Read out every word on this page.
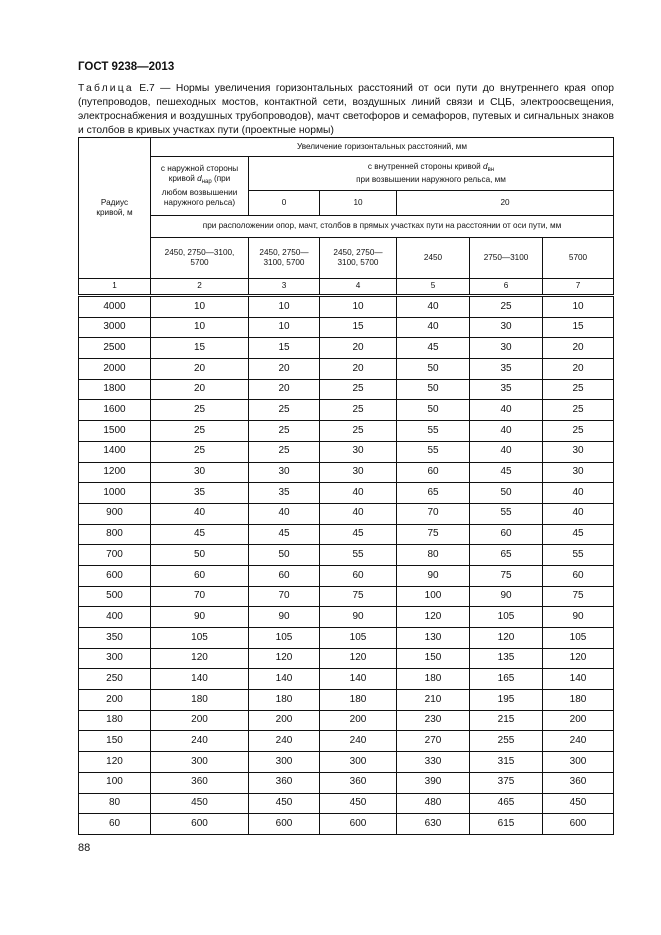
ГОСТ 9238—2013
Таблица Е.7 — Нормы увеличения горизонтальных расстояний от оси пути до внутреннего края опор (путепроводов, пешеходных мостов, контактной сети, воздушных линий связи и СЦБ, электроосвещения, электроснабжения и воздушных трубопроводов), мачт светофоров и семафоров, путевых и сигнальных знаков и столбов в кривых участках пути (проектные нормы)
Радиус кривой, м	Увеличение горизонтальных расстояний, мм					
	с наружной стороны кривой $d_{нар}$ (при любом возвышении наружного рельса)	с внутренней стороны кривой $d_{вн}$
при возвышении наружного рельса, мм				
		0	10	20		
	при расположении опор, мачт, столбов в прямых участках пути на расстоянии от оси пути, мм					
	2450, 2750—3100, 5700	2450, 2750—3100, 5700	2450, 2750—3100, 5700	2450	2750—3100	5700
1	2	3	4	5	6	7
4000	10	10	10	40	25	10
3000	10	10	15	40	30	15
2500	15	15	20	45	30	20
2000	20	20	20	50	35	20
1800	20	20	25	50	35	25
1600	25	25	25	50	40	25
1500	25	25	25	55	40	25
1400	25	25	30	55	40	30
1200	30	30	30	60	45	30
1000	35	35	40	65	50	40
900	40	40	40	70	55	40
800	45	45	45	75	60	45
700	50	50	55	80	65	55
600	60	60	60	90	75	60
500	70	70	75	100	90	75
400	90	90	90	120	105	90
350	105	105	105	130	120	105
300	120	120	120	150	135	120
250	140	140	140	180	165	140
200	180	180	180	210	195	180
180	200	200	200	230	215	200
150	240	240	240	270	255	240
120	300	300	300	330	315	300
100	360	360	360	390	375	360
80	450	450	450	480	465	450
60	600	600	600	630	615	600
88
